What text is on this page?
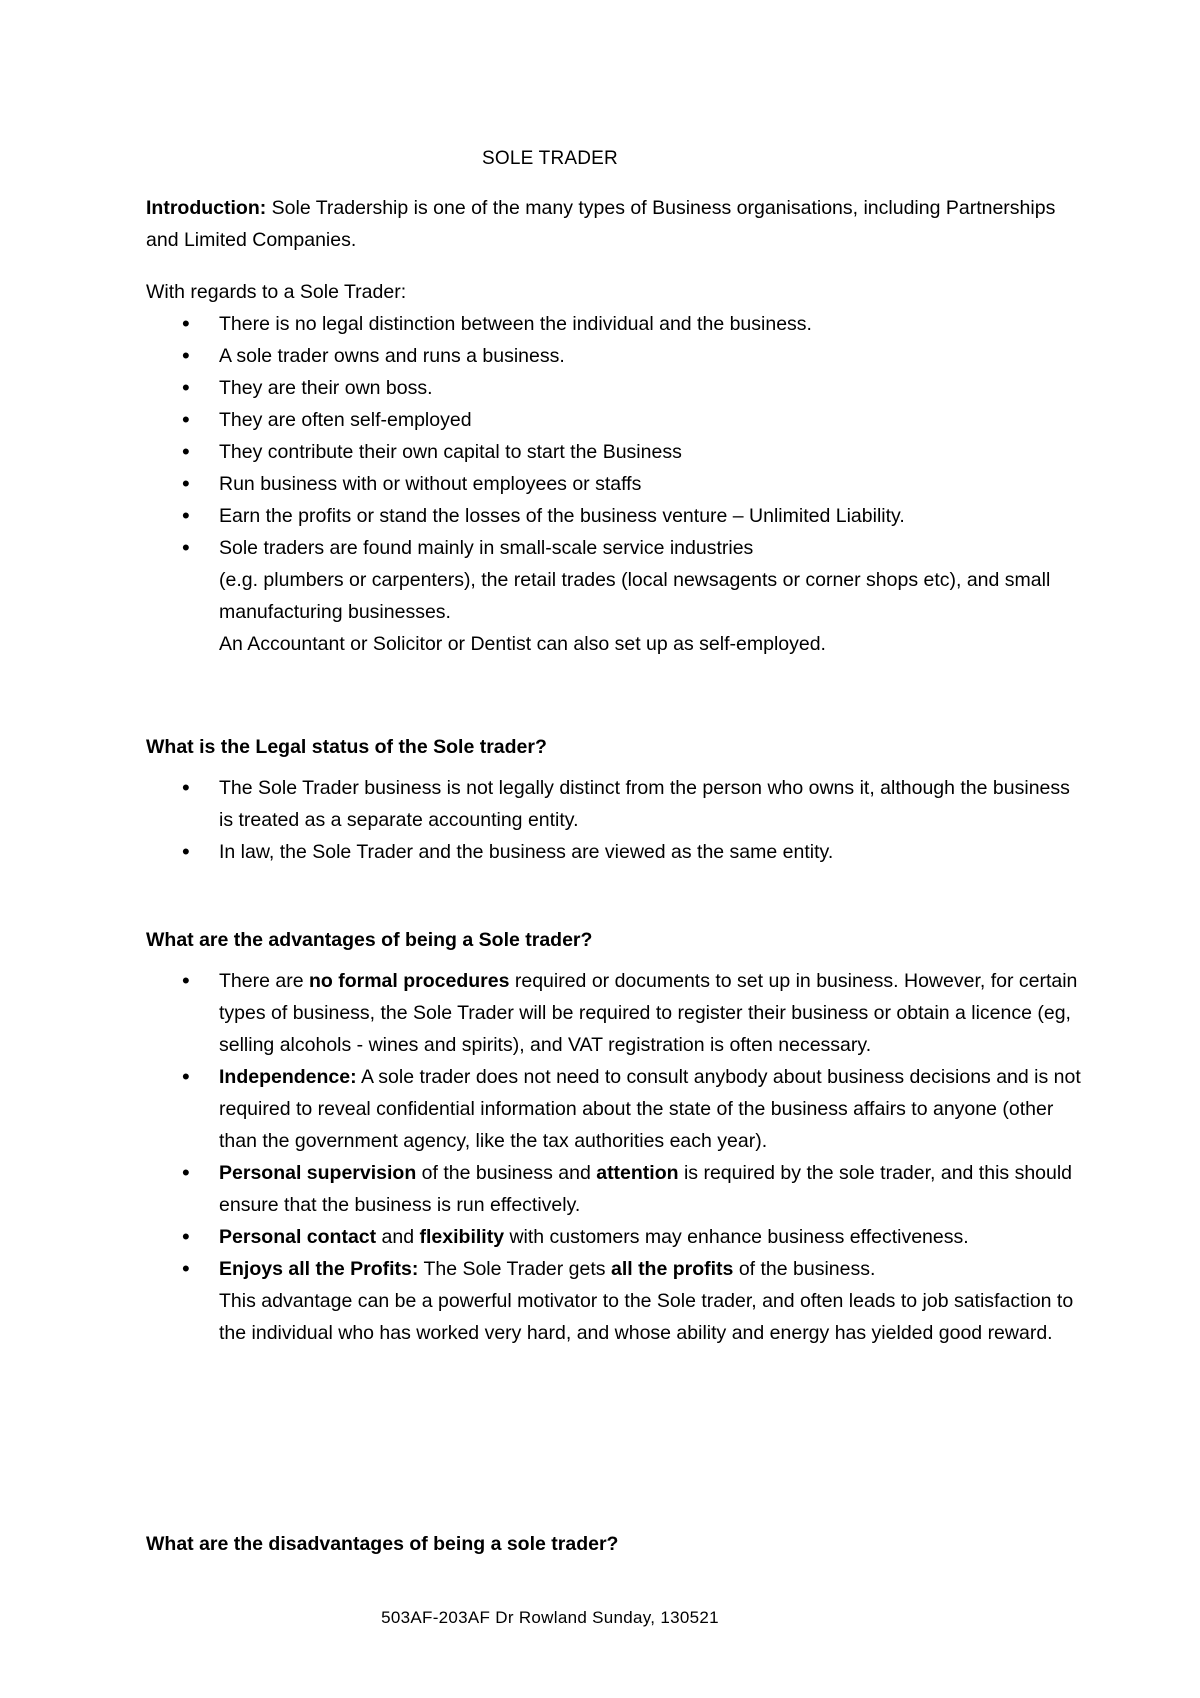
SOLE TRADER

Introduction: Sole Tradership is one of the many types of Business organisations, including Partnerships and Limited Companies.

With regards to a Sole Trader:

• There is no legal distinction between the individual and the business.
• A sole trader owns and runs a business.
• They are their own boss.
• They are often self-employed
• They contribute their own capital to start the Business
• Run business with or without employees or staffs
• Earn the profits or stand the losses of the business venture – Unlimited Liability.
• Sole traders are found mainly in small-scale service industries
(e.g. plumbers or carpenters), the retail trades (local newsagents or corner shops etc), and small manufacturing businesses.
An Accountant or Solicitor or Dentist can also set up as self-employed.
What is the Legal status of the Sole trader?
• The Sole Trader business is not legally distinct from the person who owns it, although the business is treated as a separate accounting entity.
• In law, the Sole Trader and the business are viewed as the same entity.
What are the advantages of being a Sole trader?
• There are no formal procedures required or documents to set up in business. However, for certain types of business, the Sole Trader will be required to register their business or obtain a licence (eg, selling alcohols - wines and spirits), and VAT registration is often necessary.
• Independence: A sole trader does not need to consult anybody about business decisions and is not required to reveal confidential information about the state of the business affairs to anyone (other than the government agency, like the tax authorities each year).
• Personal supervision of the business and attention is required by the sole trader, and this should ensure that the business is run effectively.
• Personal contact and flexibility with customers may enhance business effectiveness.
• Enjoys all the Profits: The Sole Trader gets all the profits of the business.
This advantage can be a powerful motivator to the Sole trader, and often leads to job satisfaction to the individual who has worked very hard, and whose ability and energy has yielded good reward.
What are the disadvantages of being a sole trader?
503AF-203AF Dr Rowland Sunday, 130521
